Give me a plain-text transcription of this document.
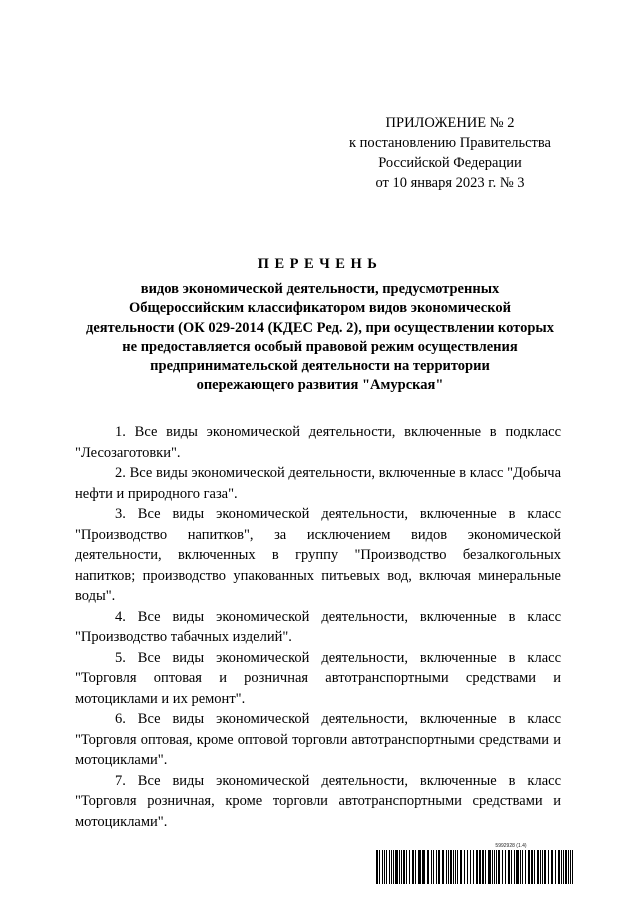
ПРИЛОЖЕНИЕ № 2
к постановлению Правительства
Российской Федерации
от 10 января 2023 г. № 3
ПЕРЕЧЕНЬ
видов экономической деятельности, предусмотренных
Общероссийским классификатором видов экономической
деятельности (ОК 029-2014 (КДЕС Ред. 2), при осуществлении которых
не предоставляется особый правовой режим осуществления
предпринимательской деятельности на территории
опережающего развития "Амурская"

1. Все виды экономической деятельности, включенные в подкласс "Лесозаготовки".

2. Все виды экономической деятельности, включенные в класс "Добыча нефти и природного газа".

3. Все виды экономической деятельности, включенные в класс "Производство напитков", за исключением видов экономической деятельности, включенных в группу "Производство безалкогольных напитков; производство упакованных питьевых вод, включая минеральные воды".

4. Все виды экономической деятельности, включенные в класс "Производство табачных изделий".

5. Все виды экономической деятельности, включенные в класс "Торговля оптовая и розничная автотранспортными средствами и мотоциклами и их ремонт".

6. Все виды экономической деятельности, включенные в класс "Торговля оптовая, кроме оптовой торговли автотранспортными средствами и мотоциклами".

7. Все виды экономической деятельности, включенные в класс "Торговля розничная, кроме торговли автотранспортными средствами и мотоциклами".

5992928 (1.4)
